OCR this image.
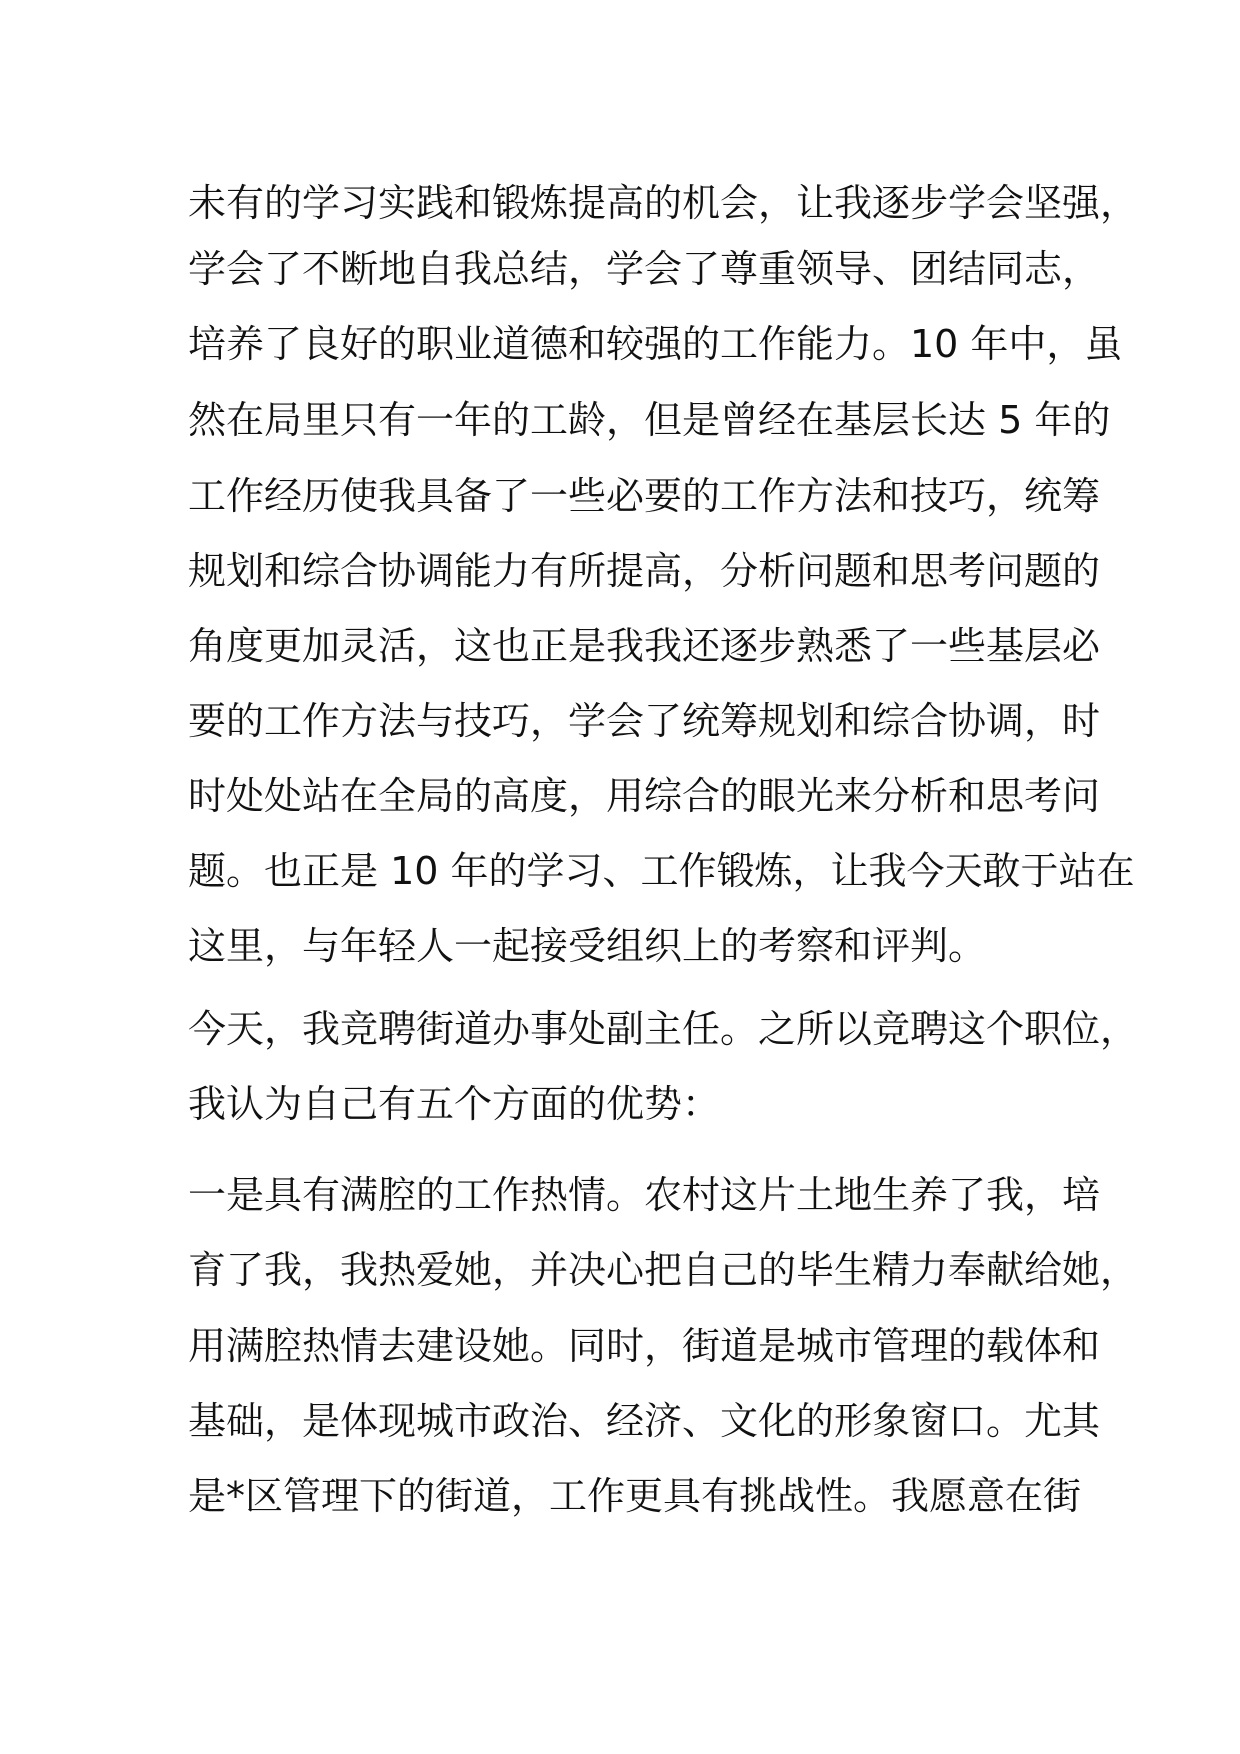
未有的学习实践和锻炼提高的机会，让我逐步学会坚强，

学会了不断地自我总结，学会了尊重领导、团结同志，

培养了良好的职业道德和较强的工作能力。10 年中，虽

然在局里只有一年的工龄，但是曾经在基层长达 5 年的

工作经历使我具备了一些必要的工作方法和技巧，统筹

规划和综合协调能力有所提高，分析问题和思考问题的

角度更加灵活，这也正是我我还逐步熟悉了一些基层必

要的工作方法与技巧，学会了统筹规划和综合协调，时

时处处站在全局的高度，用综合的眼光来分析和思考问

题。也正是 10 年的学习、工作锻炼，让我今天敢于站在

这里，与年轻人一起接受组织上的考察和评判。

今天，我竞聘街道办事处副主任。之所以竞聘这个职位，

我认为自己有五个方面的优势：

一是具有满腔的工作热情。农村这片土地生养了我，培

育了我，我热爱她，并决心把自己的毕生精力奉献给她，

用满腔热情去建设她。同时，街道是城市管理的载体和

基础，是体现城市政治、经济、文化的形象窗口。尤其

是*区管理下的街道，工作更具有挑战性。我愿意在街
